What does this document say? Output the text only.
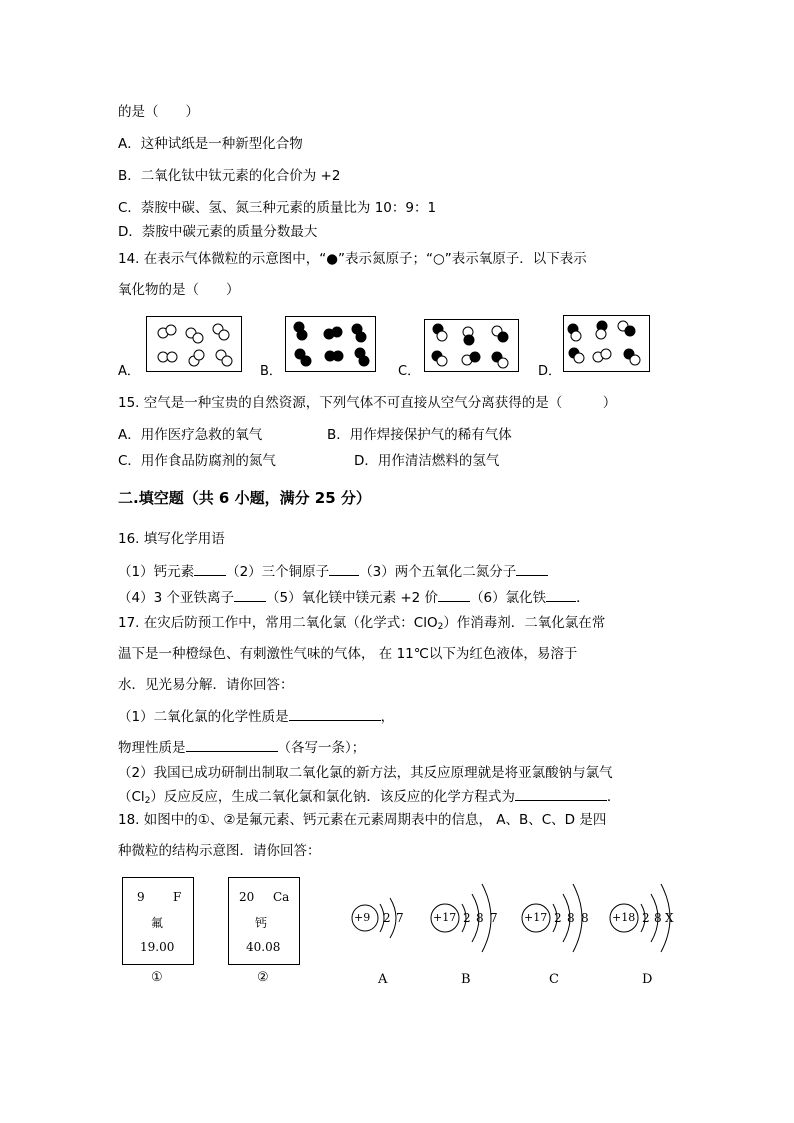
的是（　　）
A．这种试纸是一种新型化合物
B．二氧化钛中钛元素的化合价为 +2
C．萘胺中碳、氢、氮三种元素的质量比为 10：9：1
D．萘胺中碳元素的质量分数最大
14. 在表示气体微粒的示意图中，“●”表示氮原子；“○”表示氧原子．以下表示
氧化物的是（　　）
A．	B．	C．	D．
15. 空气是一种宝贵的自然资源，下列气体不可直接从空气分离获得的是（　　　）
A．用作医疗急救的氧气	B．用作焊接保护气的稀有气体
C．用作食品防腐剂的氮气	D．用作清洁燃料的氢气
二.填空题（共 6 小题，满分 25 分）
16. 填写化学用语
（1）钙元素 （2）三个铜原子 （3）两个五氧化二氮分子
（4）3 个亚铁离子 （5）氧化镁中镁元素 +2 价 （6）氯化铁 ．
17. 在灾后防预工作中，常用二氧化氯（化学式：ClO$_2$）作消毒剂．二氧化氯在常
温下是一种橙绿色、有刺激性气味的气体， 在 11℃以下为红色液体，易溶于
水．见光易分解．请你回答：
（1）二氧化氯的化学性质是	，
物理性质是	（各写一条）；
（2）我国已成功研制出制取二氧化氯的新方法，其反应原理就是将亚氯酸钠与氯气
$(Cl_2)$反应反应，生成二氧化氯和氯化钠．该反应的化学方程式为	．
18. 如图中的①、②是氟元素、钙元素在元素周期表中的信息， A、B、C、D 是四
种微粒的结构示意图．请你回答：
9 F
氟
19.00
①
20 Ca
钙
40.08
②
+9 2 7
A
+17 2 8 7
B
+17 2 8 8
C
+18 2 8 X
D
